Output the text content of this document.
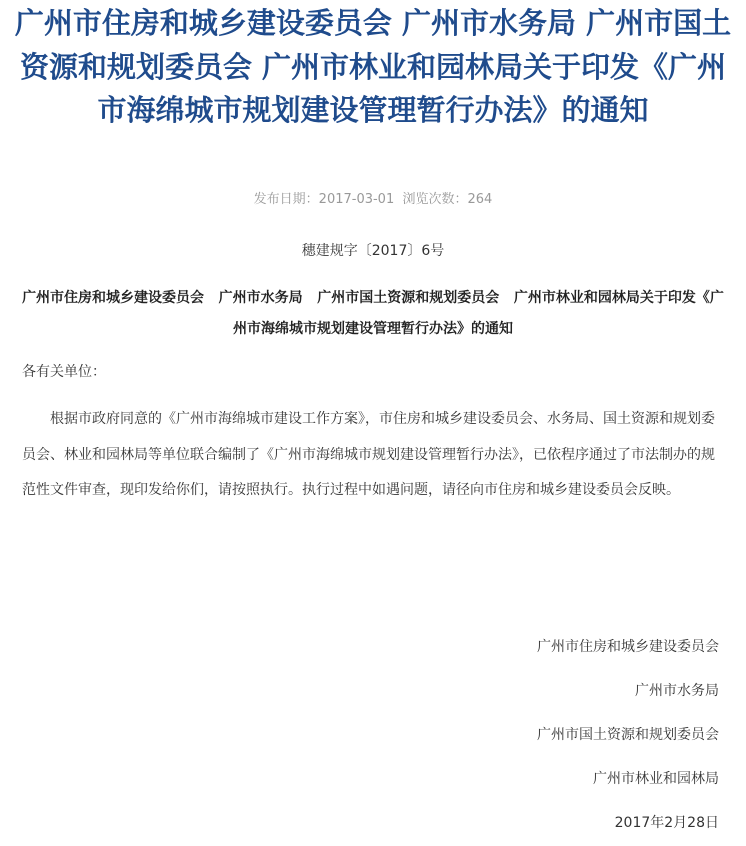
广州市住房和城乡建设委员会 广州市水务局 广州市国土资源和规划委员会 广州市林业和园林局关于印发《广州市海绵城市规划建设管理暂行办法》的通知
发布日期：2017-03-01 浏览次数：264
穗建规字〔2017〕6号

广州市住房和城乡建设委员会   广州市水务局   广州市国土资源和规划委员会   广州市林业和园林局关于印发《广州市海绵城市规划建设管理暂行办法》的通知

各有关单位：

根据市政府同意的《广州市海绵城市建设工作方案》，市住房和城乡建设委员会、水务局、国土资源和规划委员会、林业和园林局等单位联合编制了《广州市海绵城市规划建设管理暂行办法》，已依程序通过了市法制办的规范性文件审查，现印发给你们，请按照执行。执行过程中如遇问题，请径向市住房和城乡建设委员会反映。

广州市住房和城乡建设委员会
广州市水务局
广州市国土资源和规划委员会
广州市林业和园林局
2017年2月28日
